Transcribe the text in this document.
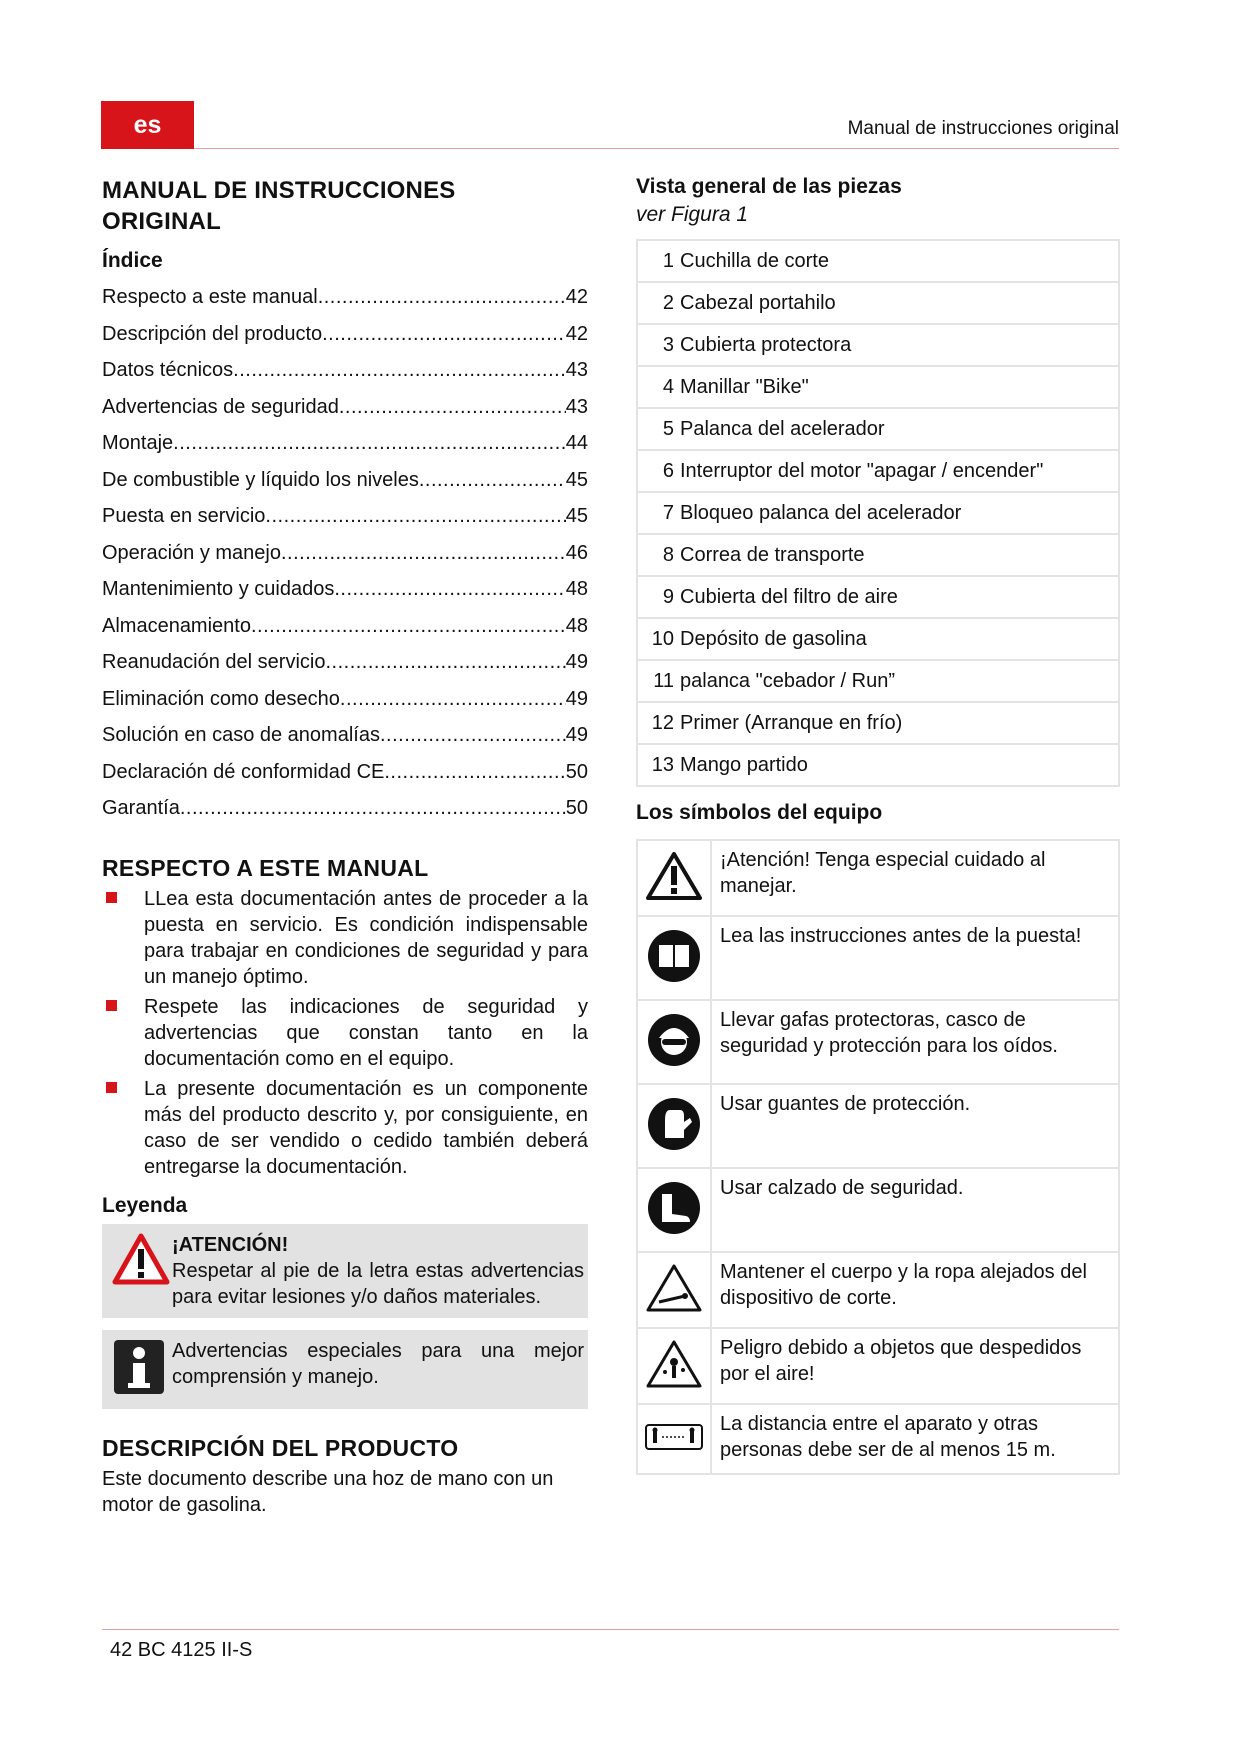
es	Manual de instrucciones original
MANUAL DE INSTRUCCIONES
ORIGINAL
Índice
Respecto a este manual .....	42
Descripción del producto .....	42
Datos técnicos .....	43
Advertencias de seguridad .....	43
Montaje .....	44
De combustible y líquido los niveles .....	45
Puesta en servicio .....	45
Operación y manejo .....	46
Mantenimiento y cuidados .....	48
Almacenamiento .....	48
Reanudación del servicio .....	49
Eliminación como desecho .....	49
Solución en caso de anomalías .....	49
Declaración dé conformidad CE .....	50
Garantía .....	50
RESPECTO A ESTE MANUAL
LLea esta documentación antes de proceder a la puesta en servicio. Es condición indispensable para trabajar en condiciones de seguridad y para un manejo óptimo.
Respete las indicaciones de seguridad y advertencias que constan tanto en la documentación como en el equipo.
La presente documentación es un componente más del producto descrito y, por consiguiente, en caso de ser vendido o cedido también deberá entregarse la documentación.
Leyenda
¡ATENCIÓN!
Respetar al pie de la letra estas advertencias para evitar lesiones y/o daños materiales.
Advertencias especiales para una mejor comprensión y manejo.
DESCRIPCIÓN DEL PRODUCTO
Este documento describe una hoz de mano con un motor de gasolina.
Vista general de las piezas
ver Figura 1
1	Cuchilla de corte
2	Cabezal portahilo
3	Cubierta protectora
4	Manillar "Bike"
5	Palanca del acelerador
6	Interruptor del motor "apagar / encender"
7	Bloqueo palanca del acelerador
8	Correa de transporte
9	Cubierta del filtro de aire
10	Depósito de gasolina
11	palanca "cebador / Run”
12	Primer (Arranque en frío)
13	Mango partido
Los símbolos del equipo
	¡Atención! Tenga especial cuidado al manejar.
	Lea las instrucciones antes de la puesta!
	Llevar gafas protectoras, casco de seguridad y protección para los oídos.
	Usar guantes de protección.
	Usar calzado de seguridad.
	Mantener el cuerpo y la ropa alejados del dispositivo de corte.
	Peligro debido a objetos que despedidos por el aire!
	La distancia entre el aparato y otras personas debe ser de al menos 15 m.
42 BC 4125 II-S
